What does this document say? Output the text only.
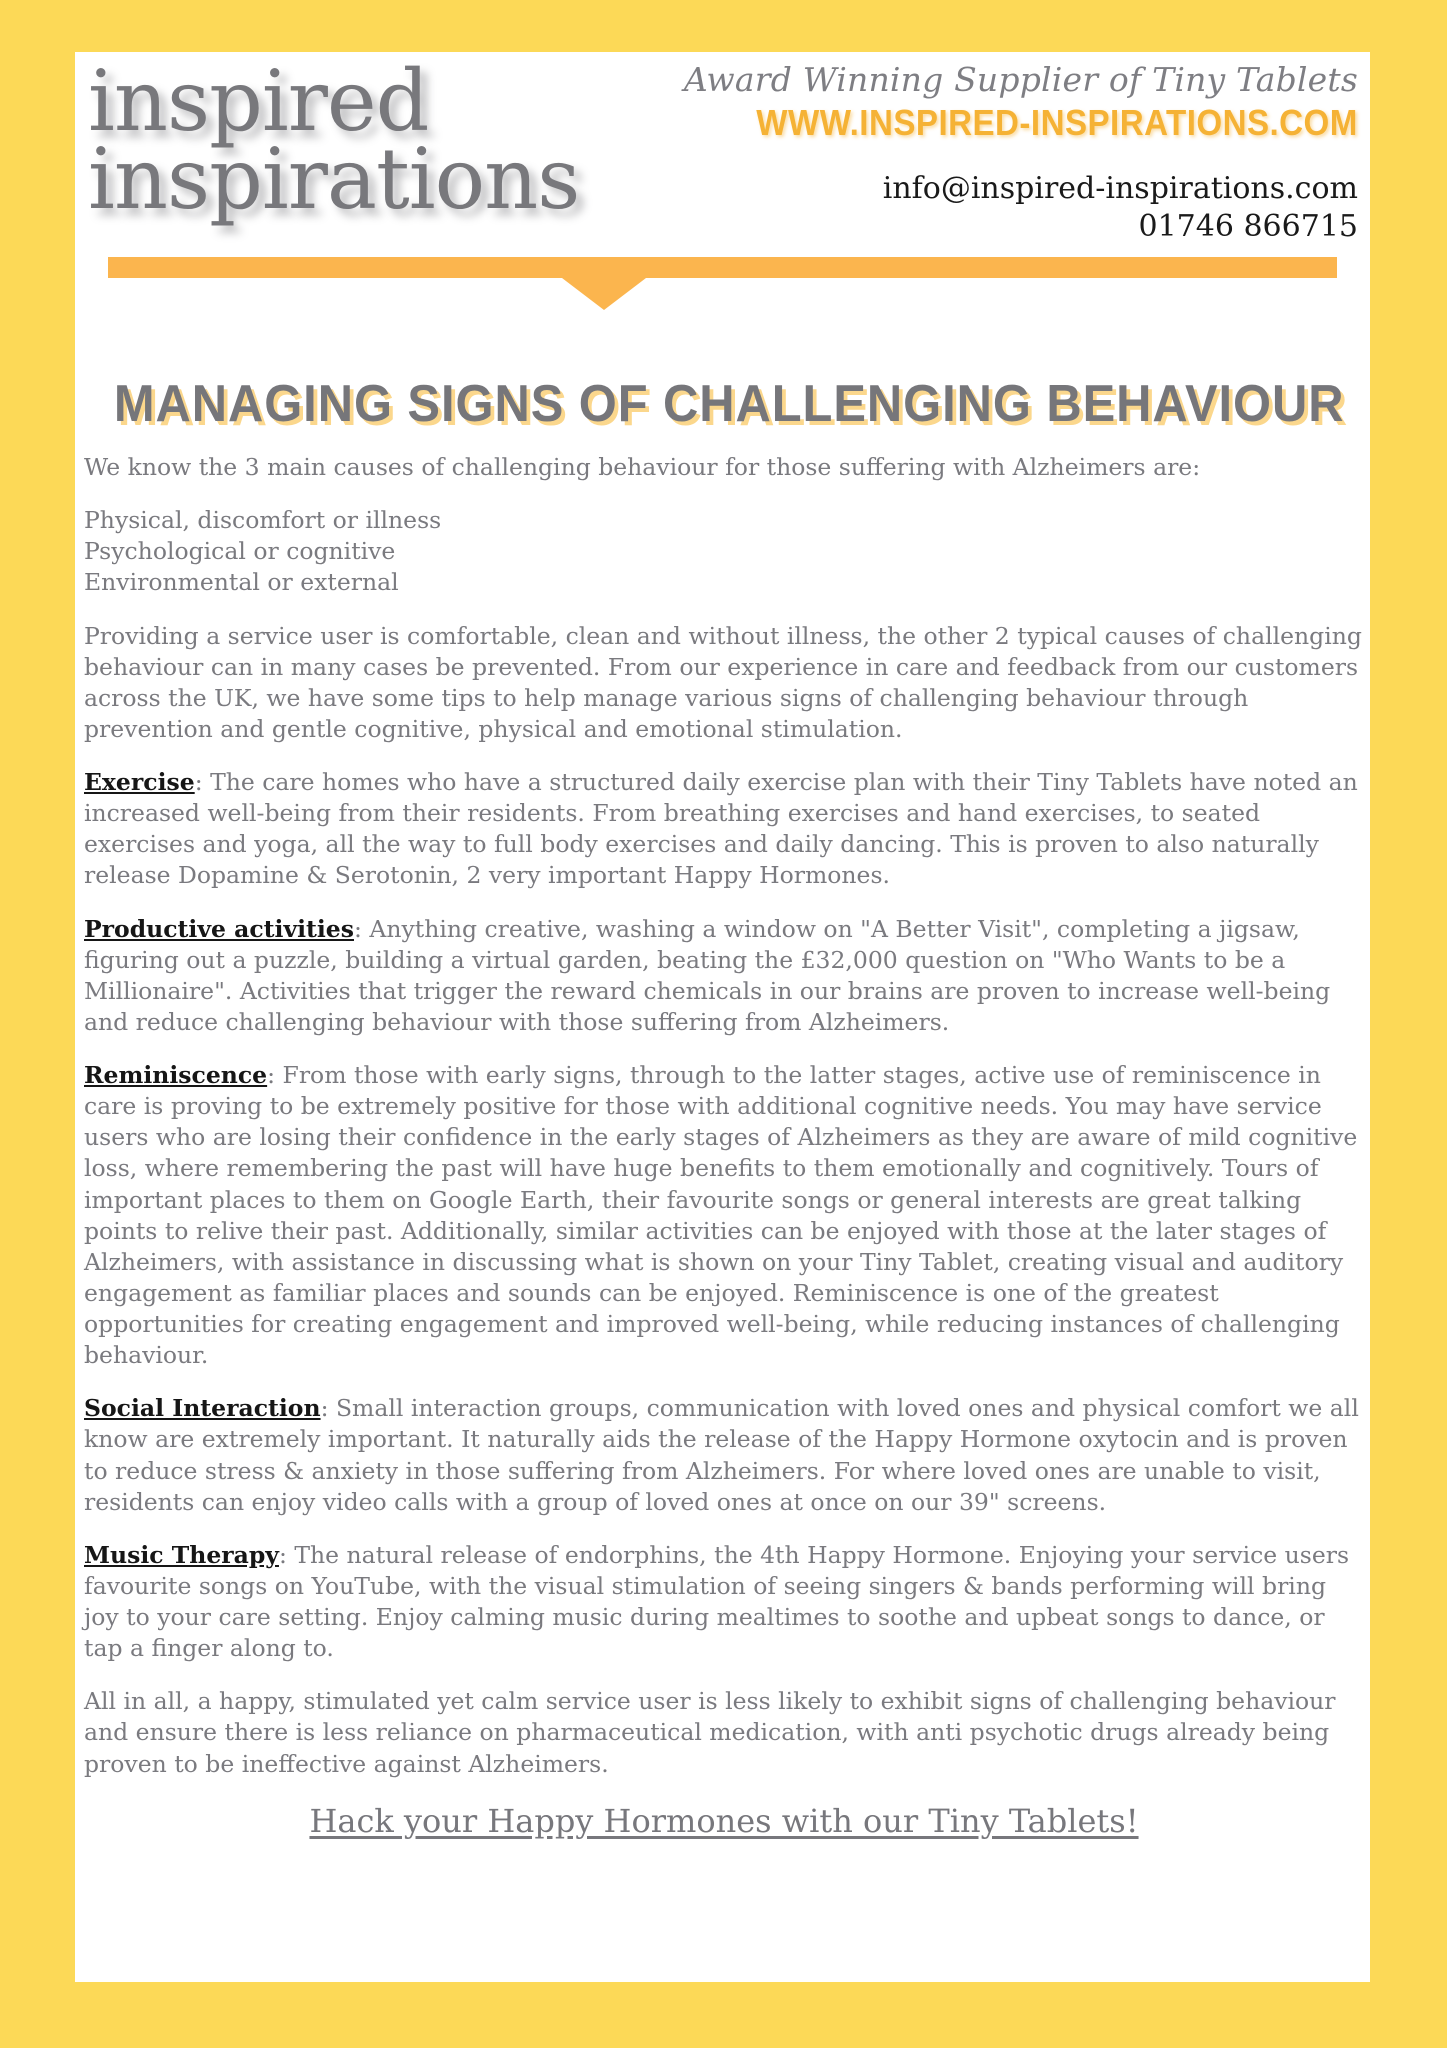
inspired
inspirations
Award Winning Supplier of Tiny Tablets
WWW.INSPIRED-INSPIRATIONS.COM
info@inspired-inspirations.com
01746 866715
MANAGING SIGNS OF CHALLENGING BEHAVIOUR

We know the 3 main causes of challenging behaviour for those suffering with Alzheimers are:

Physical, discomfort or illness

Psychological or cognitive

Environmental or external

Providing a service user is comfortable, clean and without illness, the other 2 typical causes of challenging behaviour can in many cases be prevented. From our experience in care and feedback from our customers across the UK, we have some tips to help manage various signs of challenging behaviour through prevention and gentle cognitive, physical and emotional stimulation.

Exercise: The care homes who have a structured daily exercise plan with their Tiny Tablets have noted an increased well-being from their residents. From breathing exercises and hand exercises, to seated exercises and yoga, all the way to full body exercises and daily dancing. This is proven to also naturally release Dopamine & Serotonin, 2 very important Happy Hormones.

Productive activities: Anything creative, washing a window on "A Better Visit", completing a jigsaw, figuring out a puzzle, building a virtual garden, beating the £32,000 question on "Who Wants to be a Millionaire". Activities that trigger the reward chemicals in our brains are proven to increase well-being and reduce challenging behaviour with those suffering from Alzheimers.

Reminiscence: From those with early signs, through to the latter stages, active use of reminiscence in care is proving to be extremely positive for those with additional cognitive needs. You may have service users who are losing their confidence in the early stages of Alzheimers as they are aware of mild cognitive loss, where remembering the past will have huge benefits to them emotionally and cognitively. Tours of important places to them on Google Earth, their favourite songs or general interests are great talking points to relive their past. Additionally, similar activities can be enjoyed with those at the later stages of Alzheimers, with assistance in discussing what is shown on your Tiny Tablet, creating visual and auditory engagement as familiar places and sounds can be enjoyed. Reminiscence is one of the greatest opportunities for creating engagement and improved well-being, while reducing instances of challenging behaviour.

Social Interaction: Small interaction groups, communication with loved ones and physical comfort we all know are extremely important. It naturally aids the release of the Happy Hormone oxytocin and is proven to reduce stress & anxiety in those suffering from Alzheimers. For where loved ones are unable to visit, residents can enjoy video calls with a group of loved ones at once on our 39" screens.

Music Therapy: The natural release of endorphins, the 4th Happy Hormone. Enjoying your service users favourite songs on YouTube, with the visual stimulation of seeing singers & bands performing will bring joy to your care setting. Enjoy calming music during mealtimes to soothe and upbeat songs to dance, or tap a finger along to.

All in all, a happy, stimulated yet calm service user is less likely to exhibit signs of challenging behaviour and ensure there is less reliance on pharmaceutical medication, with anti psychotic drugs already being proven to be ineffective against Alzheimers.

Hack your Happy Hormones with our Tiny Tablets!
